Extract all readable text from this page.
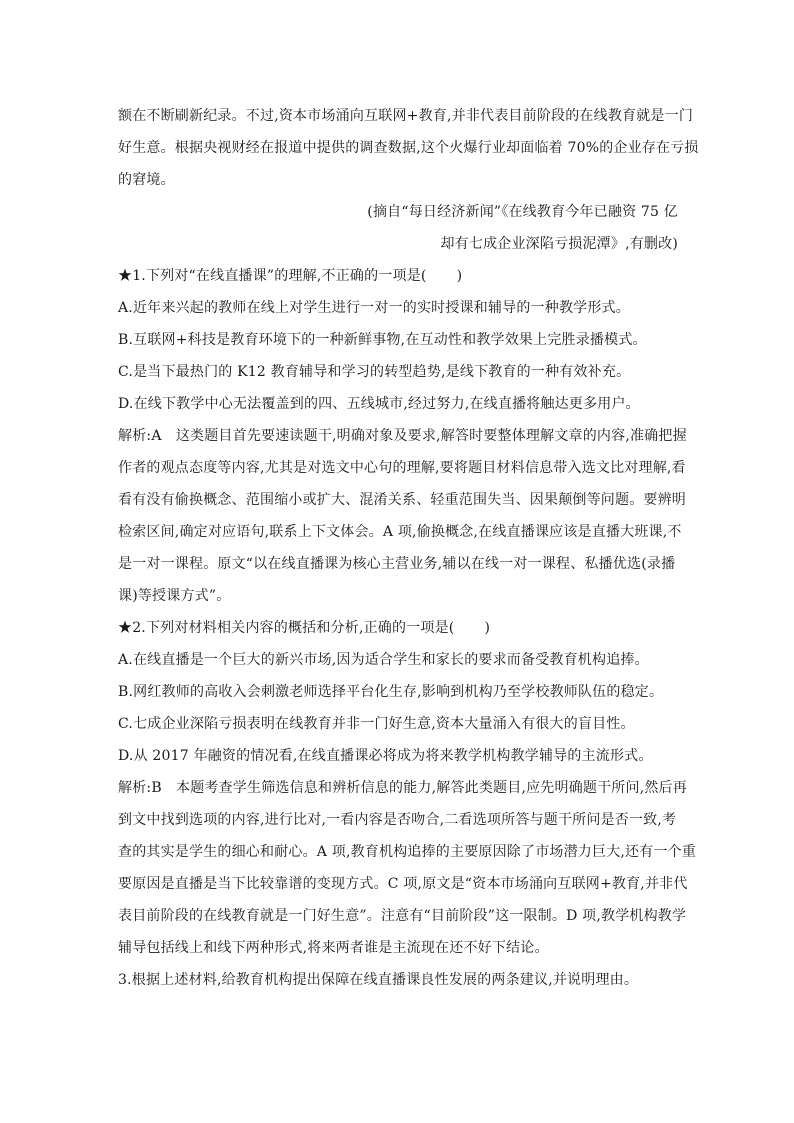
额在不断刷新纪录。不过,资本市场涌向互联网+教育,并非代表目前阶段的在线教育就是一门

好生意。根据央视财经在报道中提供的调查数据,这个火爆行业却面临着 70%的企业存在亏损

的窘境。

(摘自“每日经济新闻”《在线教育今年已融资 75 亿

却有七成企业深陷亏损泥潭》,有删改)

★1.下列对“在线直播课”的理解,不正确的一项是( )

A.近年来兴起的教师在线上对学生进行一对一的实时授课和辅导的一种教学形式。

B.互联网+科技是教育环境下的一种新鲜事物,在互动性和教学效果上完胜录播模式。

C.是当下最热门的 K12 教育辅导和学习的转型趋势,是线下教育的一种有效补充。

D.在线下教学中心无法覆盖到的四、五线城市,经过努力,在线直播将触达更多用户。

解析:A　这类题目首先要速读题干,明确对象及要求,解答时要整体理解文章的内容,准确把握

作者的观点态度等内容,尤其是对选文中心句的理解,要将题目材料信息带入选文比对理解,看

看有没有偷换概念、范围缩小或扩大、混淆关系、轻重范围失当、因果颠倒等问题。要辨明

检索区间,确定对应语句,联系上下文体会。A 项,偷换概念,在线直播课应该是直播大班课,不

是一对一课程。原文“以在线直播课为核心主营业务,辅以在线一对一课程、私播优选(录播

课)等授课方式”。

★2.下列对材料相关内容的概括和分析,正确的一项是( )

A.在线直播是一个巨大的新兴市场,因为适合学生和家长的要求而备受教育机构追捧。

B.网红教师的高收入会刺激老师选择平台化生存,影响到机构乃至学校教师队伍的稳定。

C.七成企业深陷亏损表明在线教育并非一门好生意,资本大量涌入有很大的盲目性。

D.从 2017 年融资的情况看,在线直播课必将成为将来教学机构教学辅导的主流形式。

解析:B　本题考查学生筛选信息和辨析信息的能力,解答此类题目,应先明确题干所问,然后再

到文中找到选项的内容,进行比对,一看内容是否吻合,二看选项所答与题干所问是否一致,考

查的其实是学生的细心和耐心。A 项,教育机构追捧的主要原因除了市场潜力巨大,还有一个重

要原因是直播是当下比较靠谱的变现方式。C 项,原文是“资本市场涌向互联网+教育,并非代

表目前阶段的在线教育就是一门好生意”。注意有“目前阶段”这一限制。D 项,教学机构教学

辅导包括线上和线下两种形式,将来两者谁是主流现在还不好下结论。

3.根据上述材料,给教育机构提出保障在线直播课良性发展的两条建议,并说明理由。
